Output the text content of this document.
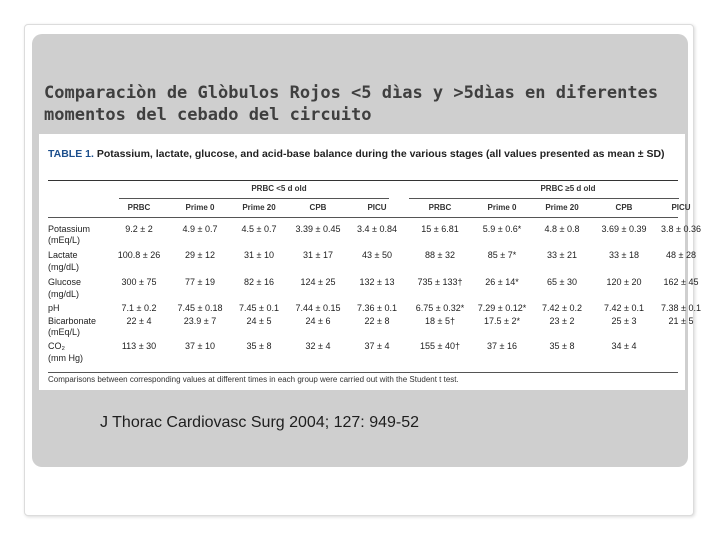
Comparaciòn de Glòbulos Rojos <5 dìas y >5dìas en diferentes momentos del cebado del circuito
TABLE 1. Potassium, lactate, glucose, and acid-base balance during the various stages (all values presented as mean ± SD)
PRBC <5 d old	PRBC ≥5 d old
PRBC	Prime 0	Prime 20	CPB	PICU	PRBC	Prime 0	Prime 20	CPB	PICU
Potassium	9.2 ± 2	4.9 ± 0.7	4.5 ± 0.7	3.39 ± 0.45	3.4 ± 0.84	15 ± 6.81	5.9 ± 0.6*	4.8 ± 0.8	3.69 ± 0.39	3.8 ± 0.36
(mEq/L)
Lactate	100.8 ± 26	29 ± 12	31 ± 10	31 ± 17	43 ± 50	88 ± 32	85 ± 7*	33 ± 21	33 ± 18	48 ± 28
(mg/dL)
Glucose	300 ± 75	77 ± 19	82 ± 16	124 ± 25	132 ± 13	735 ± 133†	26 ± 14*	65 ± 30	120 ± 20	162 ± 45
(mg/dL)
pH	7.1 ± 0.2	7.45 ± 0.18	7.45 ± 0.1	7.44 ± 0.15	7.36 ± 0.1	6.75 ± 0.32*	7.29 ± 0.12*	7.42 ± 0.2	7.42 ± 0.1	7.38 ± 0.1
Bicarbonate	22 ± 4	23.9 ± 7	24 ± 5	24 ± 6	22 ± 8	18 ± 5†	17.5 ± 2*	23 ± 2	25 ± 3	21 ± 5
(mEq/L)
CO₂	113 ± 30	37 ± 10	35 ± 8	32 ± 4	37 ± 4	155 ± 40†	37 ± 16	35 ± 8	34 ± 4
(mm Hg)
Comparisons between corresponding values at different times in each group were carried out with the Student t test.

J Thorac Cardiovasc Surg 2004; 127: 949-52
